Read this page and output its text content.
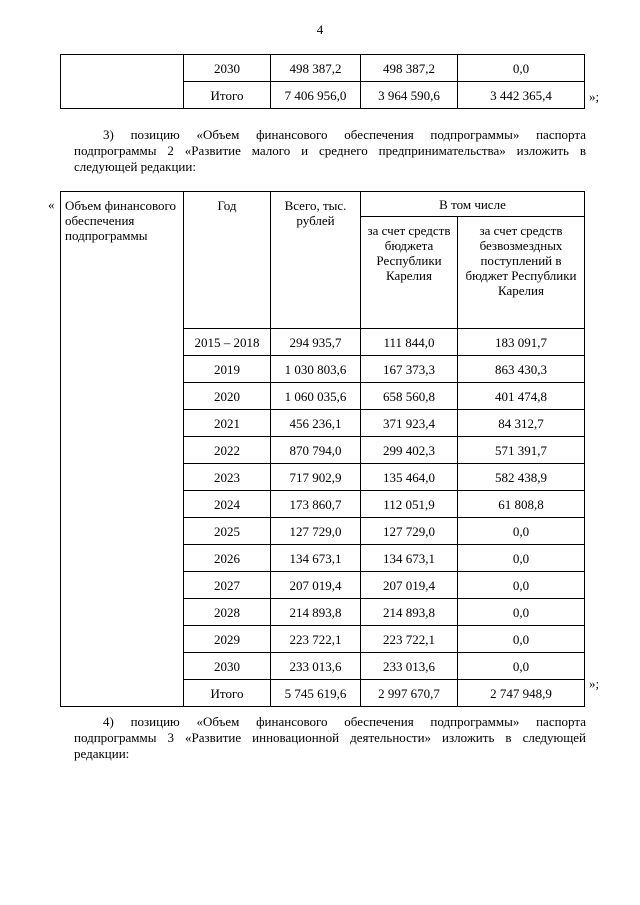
4
	2030	498 387,2	498 387,2	0,0
	Итого	7 406 956,0	3 964 590,6	3 442 365,4	»;
3) позицию «Объем финансового обеспечения подпрограммы» паспорта
подпрограммы 2 «Развитие малого и среднего предпринимательства» изложить в
следующей редакции:
« Объем финансового обеспечения подпрограммы	Год	Всего, тыс. рублей	В том числе	
			за счет средств бюджета Республики Карелия	за счет средств безвозмездных поступлений в бюджет Республики Карелия
	2015 – 2018	294 935,7	111 844,0	183 091,7
	2019	1 030 803,6	167 373,3	863 430,3
	2020	1 060 035,6	658 560,8	401 474,8
	2021	456 236,1	371 923,4	84 312,7
	2022	870 794,0	299 402,3	571 391,7
	2023	717 902,9	135 464,0	582 438,9
	2024	173 860,7	112 051,9	61 808,8
	2025	127 729,0	127 729,0	0,0
	2026	134 673,1	134 673,1	0,0
	2027	207 019,4	207 019,4	0,0
	2028	214 893,8	214 893,8	0,0
	2029	223 722,1	223 722,1	0,0
	2030	233 013,6	233 013,6	0,0
	Итого	5 745 619,6	2 997 670,7	2 747 948,9
»;
4) позицию «Объем финансового обеспечения подпрограммы» паспорта
подпрограммы 3 «Развитие инновационной деятельности» изложить в следующей
редакции:
